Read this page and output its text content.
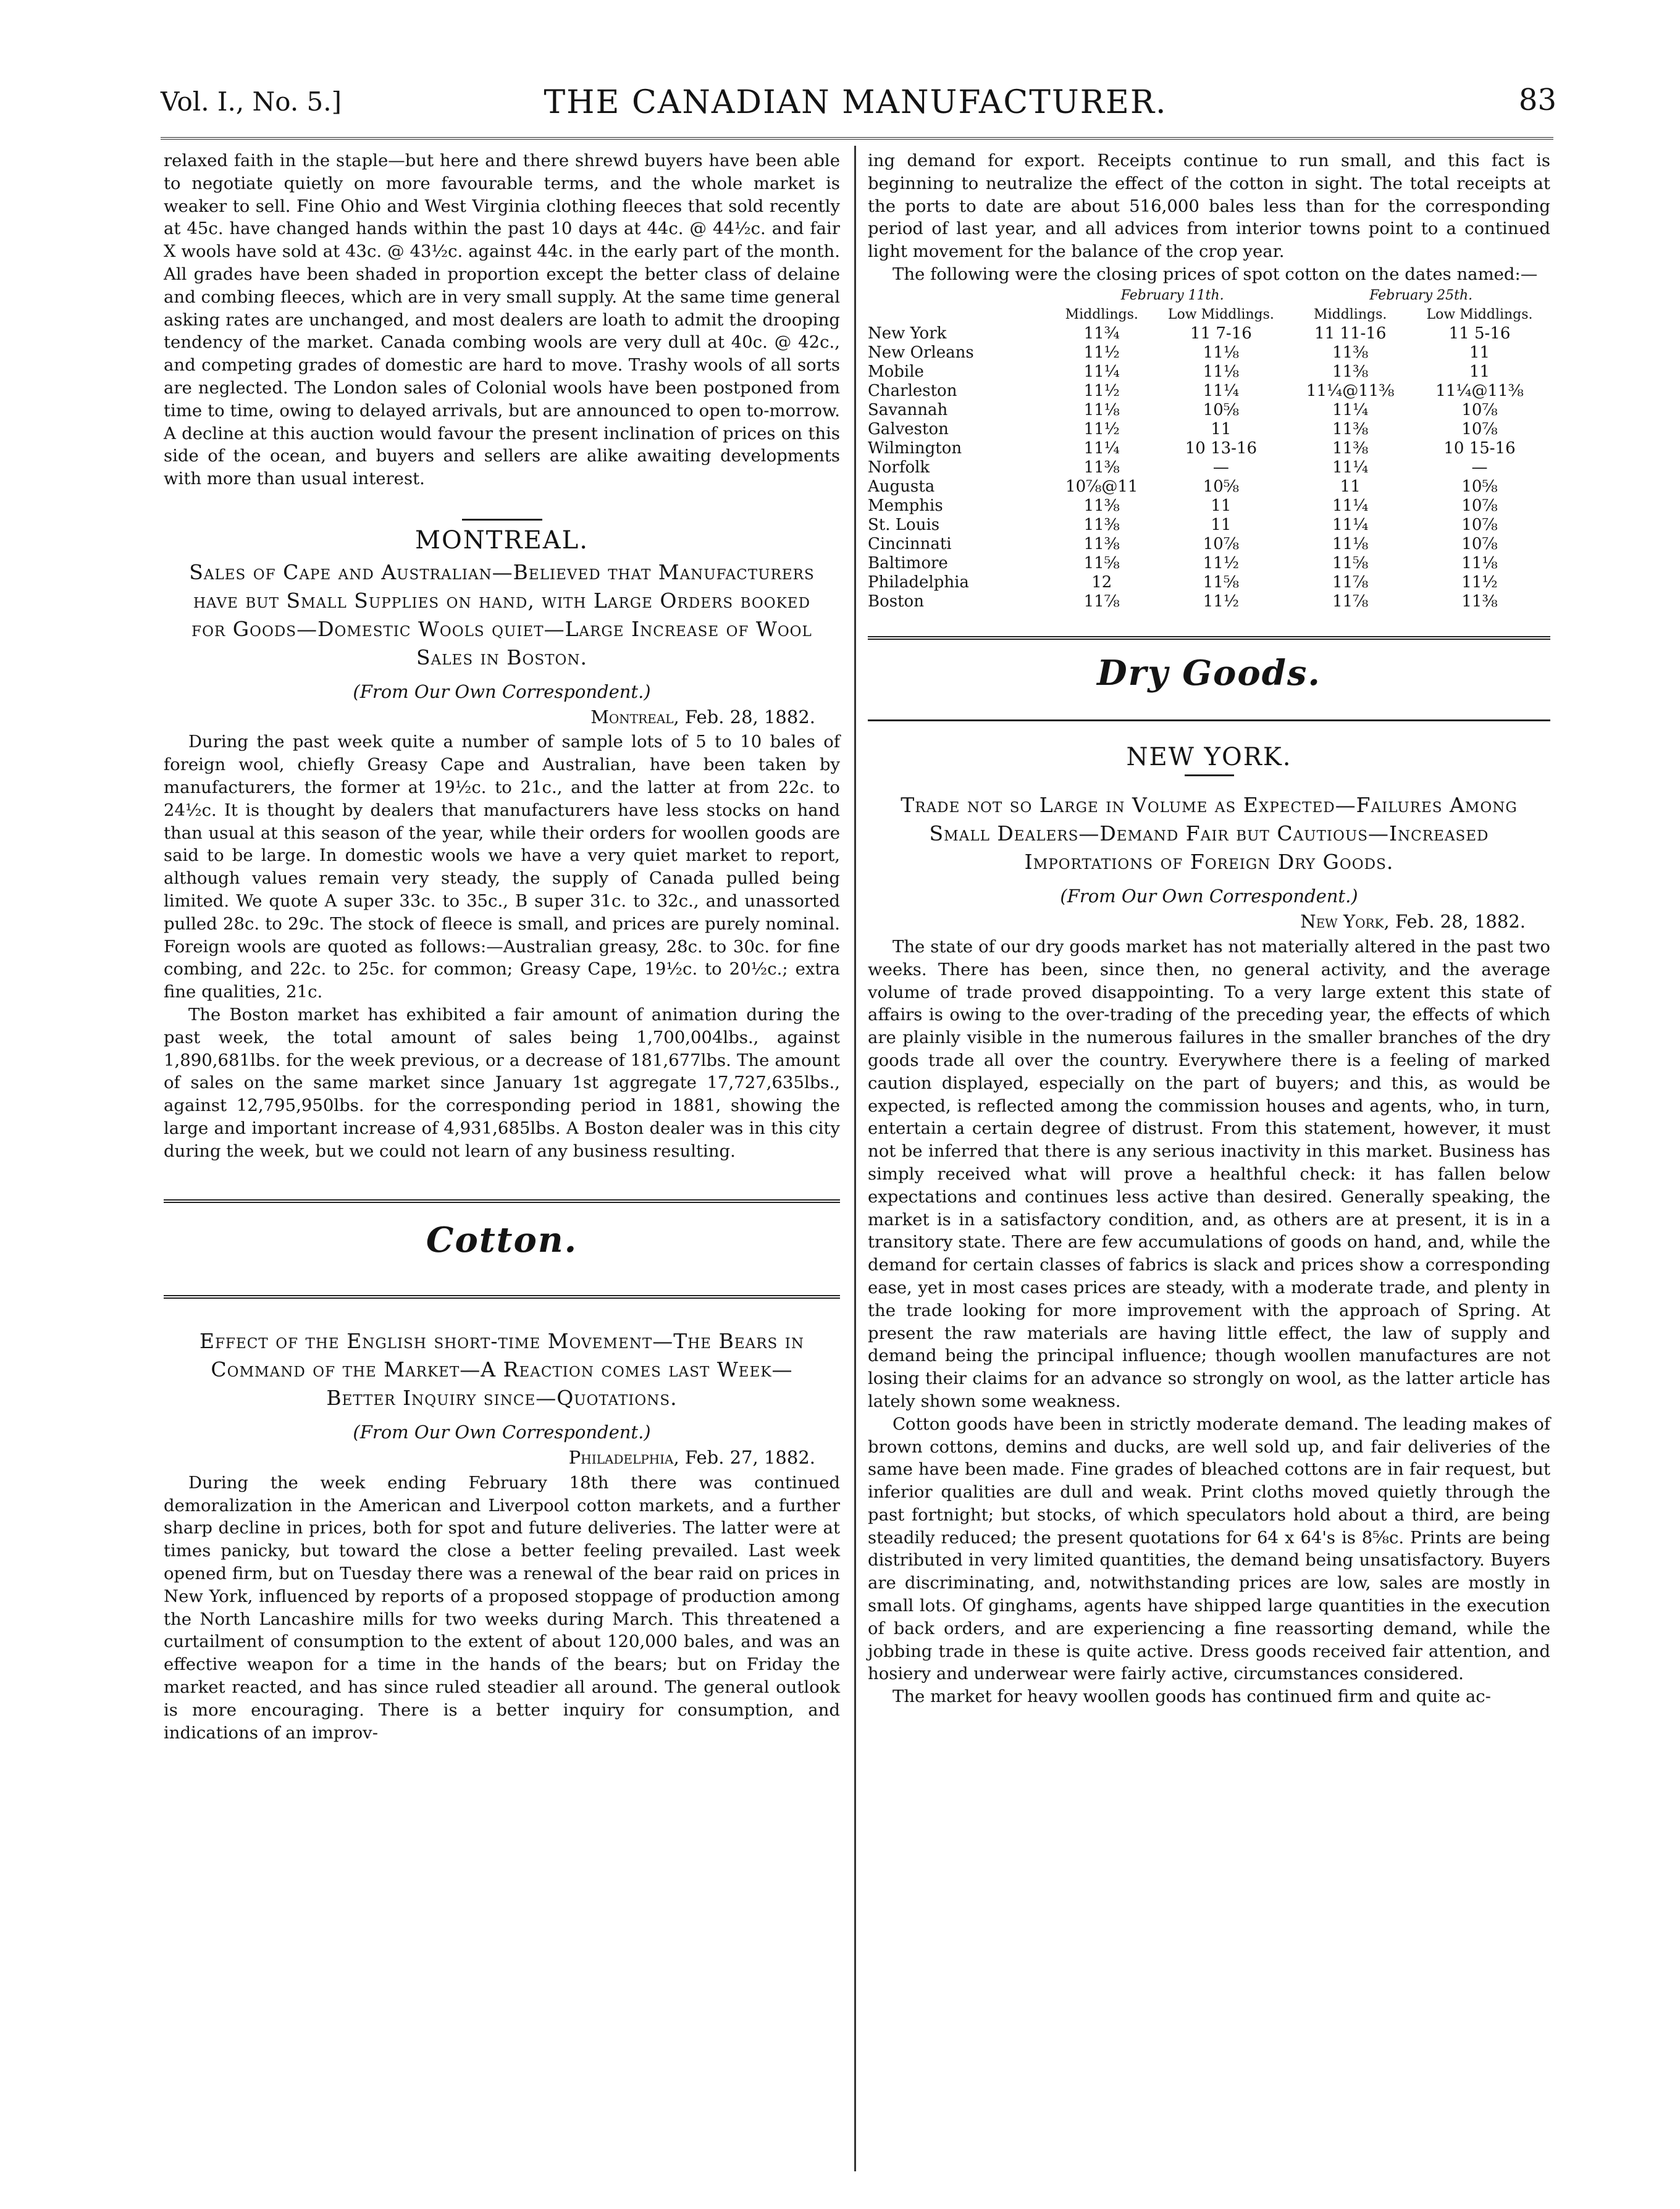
Vol. I., No. 5.]	THE CANADIAN MANUFACTURER.	83

relaxed faith in the staple—but here and there shrewd buyers have been able to negotiate quietly on more favourable terms, and the whole market is weaker to sell. Fine Ohio and West Virginia clothing fleeces that sold recently at 45c. have changed hands within the past 10 days at 44c. @ 44½c. and fair X wools have sold at 43c. @ 43½c. against 44c. in the early part of the month. All grades have been shaded in proportion except the better class of delaine and combing fleeces, which are in very small supply. At the same time general asking rates are unchanged, and most dealers are loath to admit the drooping tendency of the market. Canada combing wools are very dull at 40c. @ 42c., and competing grades of domestic are hard to move. Trashy wools of all sorts are neglected. The London sales of Colonial wools have been postponed from time to time, owing to delayed arrivals, but are announced to open to-morrow. A decline at this auction would favour the present inclination of prices on this side of the ocean, and buyers and sellers are alike awaiting developments with more than usual interest.

MONTREAL.
Sales of Cape and Australian—Believed that Manufacturers have but Small Supplies on hand, with Large Orders booked for Goods—Domestic Wools quiet—Large Increase of Wool Sales in Boston.
(From Our Own Correspondent.)
Montreal, Feb. 28, 1882.

During the past week quite a number of sample lots of 5 to 10 bales of foreign wool, chiefly Greasy Cape and Australian, have been taken by manufacturers, the former at 19½c. to 21c., and the latter at from 22c. to 24½c. It is thought by dealers that manufacturers have less stocks on hand than usual at this season of the year, while their orders for woollen goods are said to be large. In domestic wools we have a very quiet market to report, although values remain very steady, the supply of Canada pulled being limited. We quote A super 33c. to 35c., B super 31c. to 32c., and unassorted pulled 28c. to 29c. The stock of fleece is small, and prices are purely nominal. Foreign wools are quoted as follows:—Australian greasy, 28c. to 30c. for fine combing, and 22c. to 25c. for common; Greasy Cape, 19½c. to 20½c.; extra fine qualities, 21c.

The Boston market has exhibited a fair amount of animation during the past week, the total amount of sales being 1,700,004lbs., against 1,890,681lbs. for the week previous, or a decrease of 181,677lbs. The amount of sales on the same market since January 1st aggregate 17,727,635lbs., against 12,795,950lbs. for the corresponding period in 1881, showing the large and important increase of 4,931,685lbs. A Boston dealer was in this city during the week, but we could not learn of any business resulting.

Cotton.
Effect of the English short-time Movement—The Bears in Command of the Market—A Reaction comes last Week—Better Inquiry since—Quotations.
(From Our Own Correspondent.)
Philadelphia, Feb. 27, 1882.

During the week ending February 18th there was continued demoralization in the American and Liverpool cotton markets, and a further sharp decline in prices, both for spot and future deliveries. The latter were at times panicky, but toward the close a better feeling prevailed. Last week opened firm, but on Tuesday there was a renewal of the bear raid on prices in New York, influenced by reports of a proposed stoppage of production among the North Lancashire mills for two weeks during March. This threatened a curtailment of consumption to the extent of about 120,000 bales, and was an effective weapon for a time in the hands of the bears; but on Friday the market reacted, and has since ruled steadier all around. The general outlook is more encouraging. There is a better inquiry for consumption, and indications of an improv-

ing demand for export. Receipts continue to run small, and this fact is beginning to neutralize the effect of the cotton in sight. The total receipts at the ports to date are about 516,000 bales less than for the corresponding period of last year, and all advices from interior towns point to a continued light movement for the balance of the crop year.

The following were the closing prices of spot cotton on the dates named:—

	February 11th.		February 25th.	
	Middlings.	Low Middlings.	Middlings.	Low Middlings.
New York	11¾	11 7-16	11 11-16	11 5-16
New Orleans	11½	11⅛	11⅜	11
Mobile	11¼	11⅛	11⅜	11
Charleston	11½	11¼	11¼@11⅜	11¼@11⅜
Savannah	11⅛	10⅝	11¼	10⅞
Galveston	11½	11	11⅜	10⅞
Wilmington	11¼	10 13-16	11⅜	10 15-16
Norfolk	11⅜	—	11¼	—
Augusta	10⅞@11	10⅝	11	10⅝
Memphis	11⅜	11	11¼	10⅞
St. Louis	11⅜	11	11¼	10⅞
Cincinnati	11⅜	10⅞	11⅛	10⅞
Baltimore	11⅝	11½	11⅝	11⅛
Philadelphia	12	11⅝	11⅞	11½
Boston	11⅞	11½	11⅞	11⅜
Dry Goods.
NEW YORK.
Trade not so Large in Volume as Expected—Failures Among Small Dealers—Demand Fair but Cautious—Increased Importations of Foreign Dry Goods.
(From Our Own Correspondent.)
New York, Feb. 28, 1882.

The state of our dry goods market has not materially altered in the past two weeks. There has been, since then, no general activity, and the average volume of trade proved disappointing. To a very large extent this state of affairs is owing to the over-trading of the preceding year, the effects of which are plainly visible in the numerous failures in the smaller branches of the dry goods trade all over the country. Everywhere there is a feeling of marked caution displayed, especially on the part of buyers; and this, as would be expected, is reflected among the commission houses and agents, who, in turn, entertain a certain degree of distrust. From this statement, however, it must not be inferred that there is any serious inactivity in this market. Business has simply received what will prove a healthful check: it has fallen below expectations and continues less active than desired. Generally speaking, the market is in a satisfactory condition, and, as others are at present, it is in a transitory state. There are few accumulations of goods on hand, and, while the demand for certain classes of fabrics is slack and prices show a corresponding ease, yet in most cases prices are steady, with a moderate trade, and plenty in the trade looking for more improvement with the approach of Spring. At present the raw materials are having little effect, the law of supply and demand being the principal influence; though woollen manufactures are not losing their claims for an advance so strongly on wool, as the latter article has lately shown some weakness.

Cotton goods have been in strictly moderate demand. The leading makes of brown cottons, demins and ducks, are well sold up, and fair deliveries of the same have been made. Fine grades of bleached cottons are in fair request, but inferior qualities are dull and weak. Print cloths moved quietly through the past fortnight; but stocks, of which speculators hold about a third, are being steadily reduced; the present quotations for 64 x 64's is 8⅝c. Prints are being distributed in very limited quantities, the demand being unsatisfactory. Buyers are discriminating, and, notwithstanding prices are low, sales are mostly in small lots. Of ginghams, agents have shipped large quantities in the execution of back orders, and are experiencing a fine reassorting demand, while the jobbing trade in these is quite active. Dress goods received fair attention, and hosiery and underwear were fairly active, circumstances considered.

The market for heavy woollen goods has continued firm and quite ac-
